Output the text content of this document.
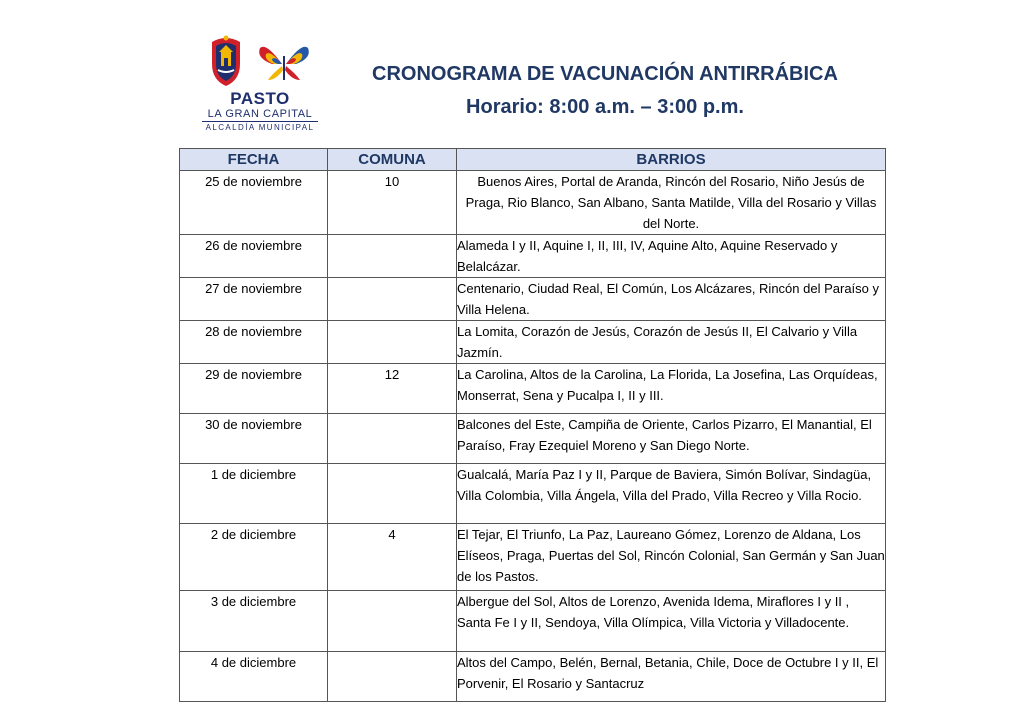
PASTO
LA GRAN CAPITAL
ALCALDÍA MUNICIPAL
CRONOGRAMA DE VACUNACIÓN ANTIRRÁBICA
Horario: 8:00 a.m. – 3:00 p.m.
FECHA	COMUNA	BARRIOS
25 de noviembre	10	Buenos Aires, Portal de Aranda, Rincón del Rosario, Niño Jesús de Praga, Rio Blanco, San Albano, Santa Matilde, Villa del Rosario y Villas del Norte.
26 de noviembre		Alameda I y II, Aquine I, II, III, IV, Aquine Alto, Aquine Reservado y Belalcázar.
27 de noviembre		Centenario, Ciudad Real, El Común, Los Alcázares, Rincón del Paraíso y Villa Helena.
28 de noviembre		La Lomita, Corazón de Jesús, Corazón de Jesús II, El Calvario y Villa Jazmín.
29 de noviembre	12	La Carolina, Altos de la Carolina, La Florida, La Josefina, Las Orquídeas, Monserrat, Sena y Pucalpa I, II y III.
30 de noviembre		Balcones del Este, Campiña de Oriente, Carlos Pizarro, El Manantial, El Paraíso, Fray Ezequiel Moreno y San Diego Norte.
1 de diciembre		Gualcalá, María Paz I y II, Parque de Baviera, Simón Bolívar, Sindagüa, Villa Colombia, Villa Ángela, Villa del Prado, Villa Recreo y Villa Rocio.
2 de diciembre	4	El Tejar, El Triunfo, La Paz, Laureano Gómez, Lorenzo de Aldana, Los Elíseos, Praga, Puertas del Sol, Rincón Colonial, San Germán y San Juan de los Pastos.
3 de diciembre		Albergue del Sol, Altos de Lorenzo, Avenida Idema, Miraflores I y II , Santa Fe I y II, Sendoya, Villa Olímpica, Villa Victoria y Villadocente.
4 de diciembre		Altos del Campo, Belén, Bernal, Betania, Chile, Doce de Octubre I y II, El Porvenir, El Rosario y Santacruz
